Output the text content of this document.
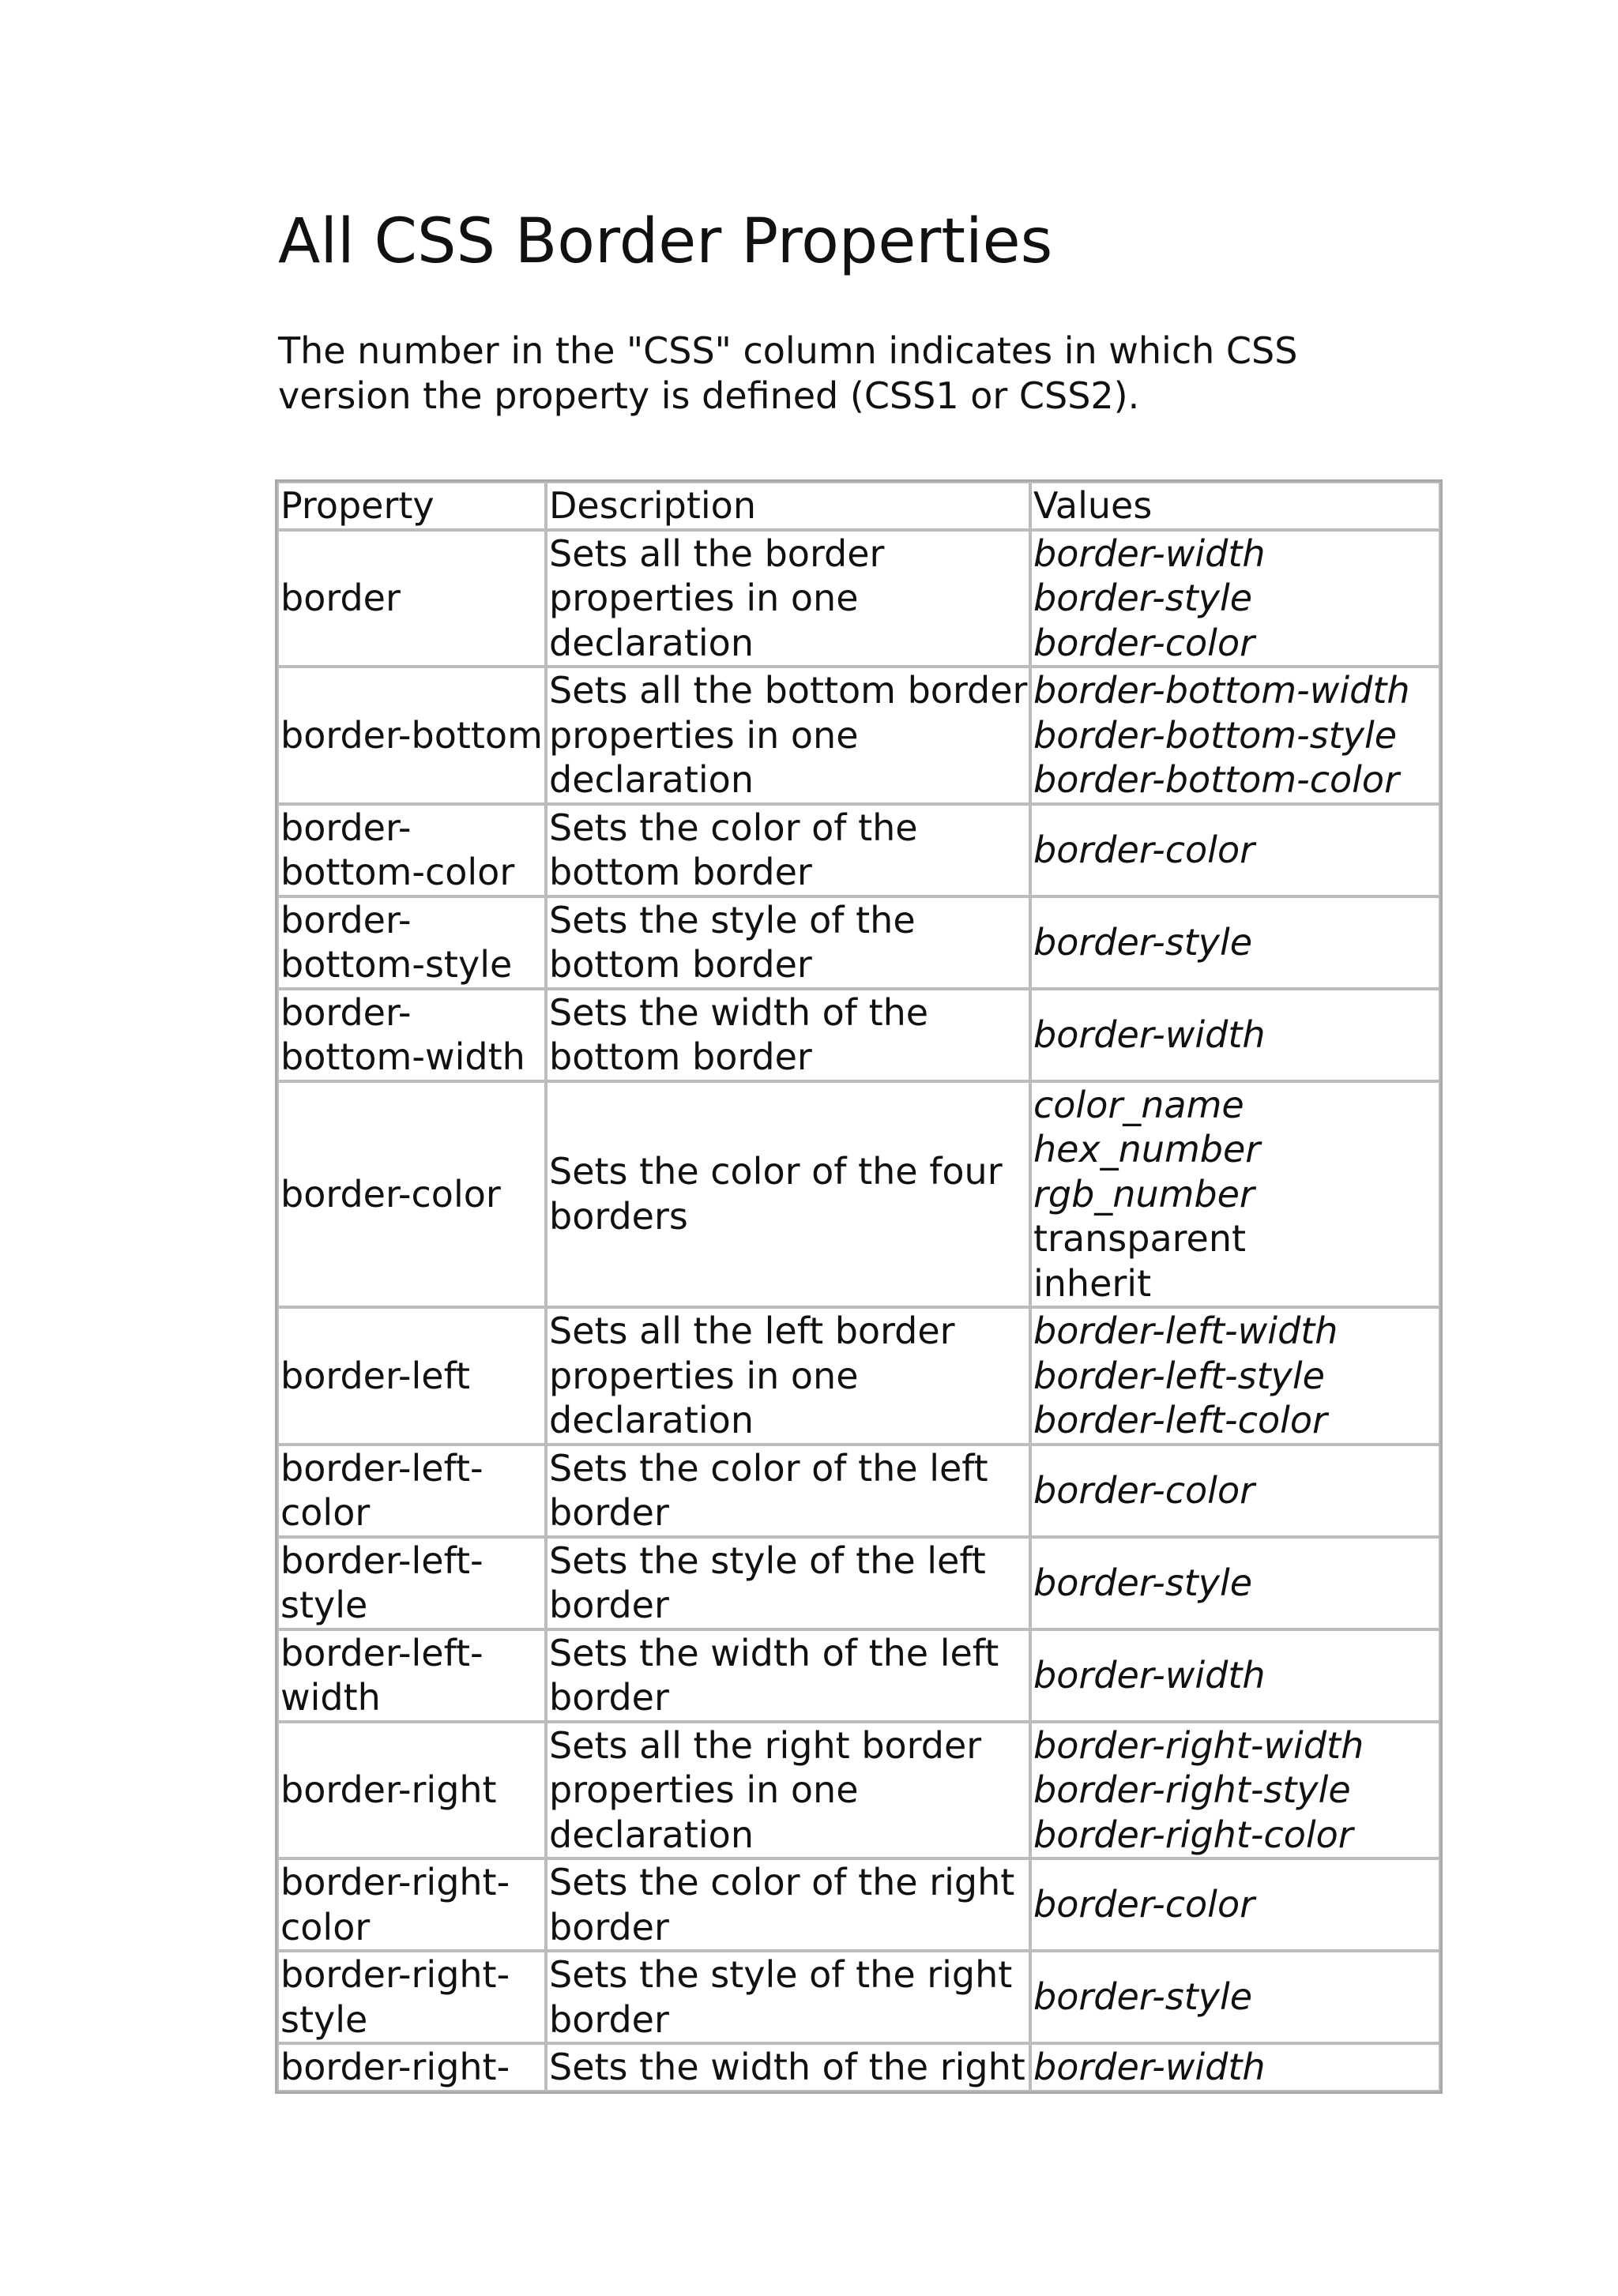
All CSS Border Properties

The number in the "CSS" column indicates in which CSS version the property is defined (CSS1 or CSS2).

Property	Description	Values

border	Sets all the border
properties in one
declaration	border-width
border-style
border-color

border-bottom	Sets all the bottom border
properties in one
declaration	border-bottom-width
border-bottom-style
border-bottom-color

border-
bottom-color	Sets the color of the
bottom border	border-color

border-
bottom-style	Sets the style of the
bottom border	border-style

border-
bottom-width	Sets the width of the
bottom border	border-width

border-color	Sets the color of the four
borders	color_name
hex_number
rgb_number
transparent
inherit

border-left	Sets all the left border
properties in one
declaration	border-left-width
border-left-style
border-left-color

border-left-
color	Sets the color of the left
border	border-color

border-left-
style	Sets the style of the left
border	border-style

border-left-
width	Sets the width of the left
border	border-width

border-right	Sets all the right border
properties in one
declaration	border-right-width
border-right-style
border-right-color

border-right-
color	Sets the color of the right
border	border-color

border-right-
style	Sets the style of the right
border	border-style

border-right-	Sets the width of the right	border-width
